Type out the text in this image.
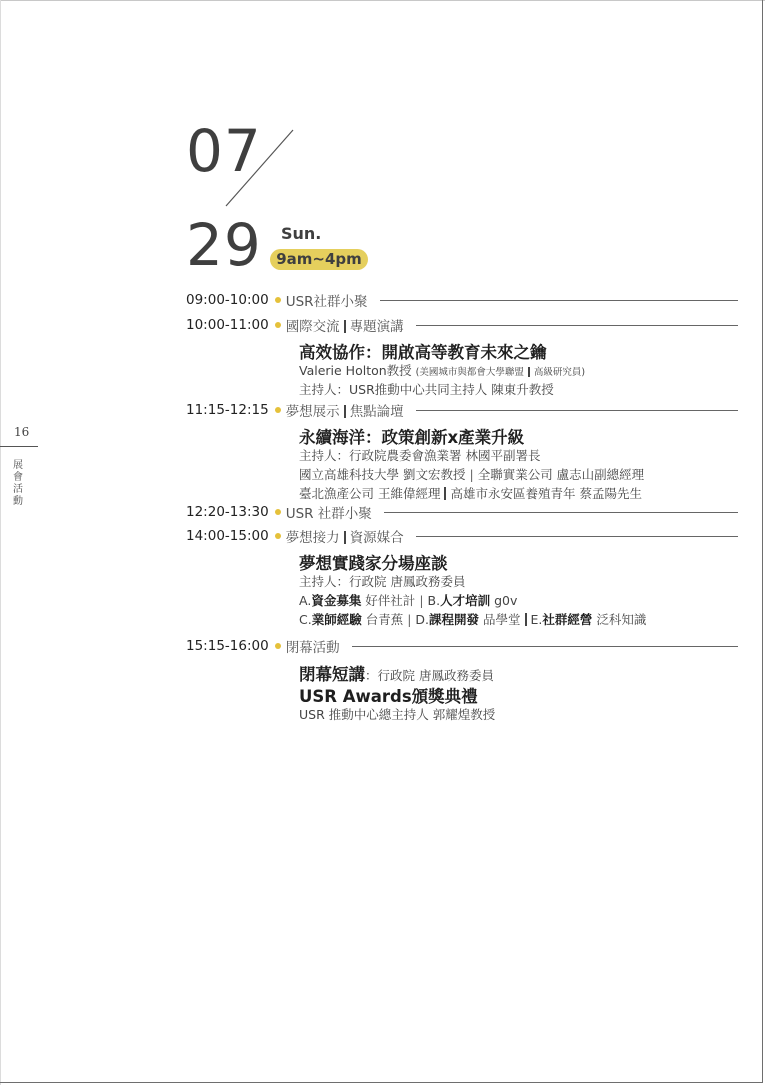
16
展會活動
07
29 Sun.
9am~4pm
09:00-10:00 USR社群小聚
10:00-11:00 國際交流 專題演講
高效協作：開啟高等教育未來之鑰
Valerie Holton教授 (美國城市與都會大學聯盟 高級研究員)
主持人：USR推動中心共同主持人 陳東升教授
11:15-12:15 夢想展示 焦點論壇
永續海洋：政策創新x產業升級
主持人：行政院農委會漁業署 林國平副署長
國立高雄科技大學 劉文宏教授 | 全聯實業公司 盧志山副總經理
臺北漁產公司 王維偉經理 高雄市永安區養殖青年 蔡孟陽先生
12:20-13:30 USR 社群小聚
14:00-15:00 夢想接力 資源媒合
夢想實踐家分場座談
主持人：行政院 唐鳳政務委員
A.資金募集 好伴社計 | B.人才培訓 g0v
C.業師經驗 台青蕉 | D.課程開發 品學堂 E.社群經營 泛科知識
15:15-16:00 閉幕活動
閉幕短講：行政院 唐鳳政務委員
USR Awards頒獎典禮
USR 推動中心總主持人 郭耀煌教授
